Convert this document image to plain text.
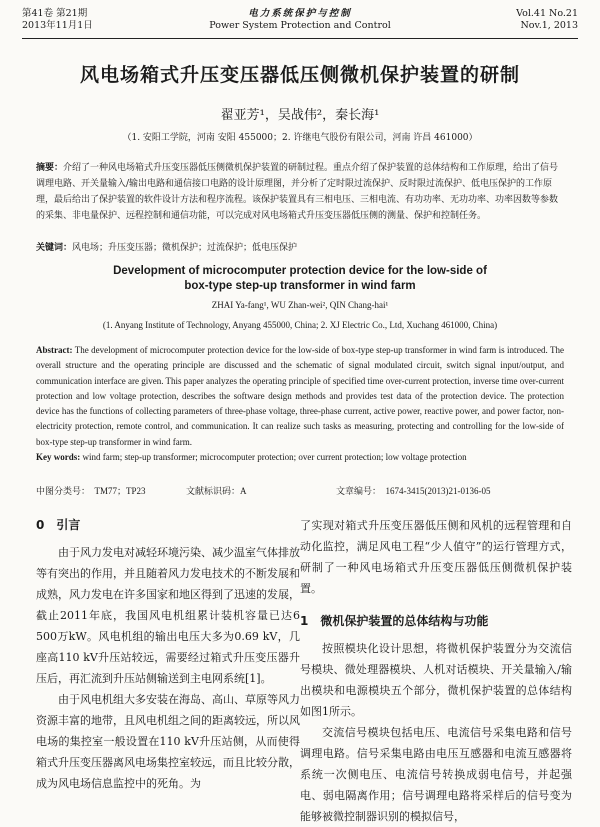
第41卷 第21期
2013年11月1日
电力系统保护与控制
Power System Protection and Control
Vol.41 No.21
Nov.1, 2013
风电场箱式升压变压器低压侧微机保护装置的研制
翟亚芳¹，吴战伟²，秦长海¹
（1. 安阳工学院，河南 安阳 455000；2. 许继电气股份有限公司，河南 许昌 461000）
摘要：介绍了一种风电场箱式升压变压器低压侧微机保护装置的研制过程。重点介绍了保护装置的总体结构和工作原理，给出了信号调理电路、开关量输入/输出电路和通信接口电路的设计原理图，并分析了定时限过流保护、反时限过流保护、低电压保护的工作原理，最后给出了保护装置的软件设计方法和程序流程。该保护装置具有三相电压、三相电流、有功功率、无功功率、功率因数等参数的采集、非电量保护、远程控制和通信功能，可以完成对风电场箱式升压变压器低压侧的测量、保护和控制任务。
关键词：风电场；升压变压器；微机保护；过流保护；低电压保护
Development of microcomputer protection device for the low-side of
box-type step-up transformer in wind farm
ZHAI Ya-fang¹, WU Zhan-wei², QIN Chang-hai¹
(1. Anyang Institute of Technology, Anyang 455000, China; 2. XJ Electric Co., Ltd, Xuchang 461000, China)
Abstract: The development of microcomputer protection device for the low-side of box-type step-up transformer in wind farm is introduced. The overall structure and the operating principle are discussed and the schematic of signal modulated circuit, switch signal input/output, and communication interface are given. This paper analyzes the operating principle of specified time over-current protection, inverse time over-current protection and low voltage protection, describes the software design methods and provides test data of the protection device. The protection device has the functions of collecting parameters of three-phase voltage, three-phase current, active power, reactive power, and power factor, non-electricity protection, remote control, and communication. It can realize such tasks as measuring, protecting and controlling for the low-side of box-type step-up transformer in wind farm.
Key words: wind farm; step-up transformer; microcomputer protection; over current protection; low voltage protection
中图分类号：　TM77；TP23	文献标识码：A	文章编号：　1674-3415(2013)21-0136-05
0　引言

由于风力发电对减轻环境污染、减少温室气体排放等有突出的作用，并且随着风力发电技术的不断发展和成熟，风力发电在许多国家和地区得到了迅速的发展，截止2011年底，我国风电机组累计装机容量已达6 500万kW。风电机组的输出电压大多为0.69 kV，几座高110 kV升压站较远，需要经过箱式升压变压器升压后，再汇流到升压站侧输送到主电网系统[1]。

由于风电机组大多安装在海岛、高山、草原等风力资源丰富的地带，且风电机组之间的距离较远，所以风电场的集控室一般设置在110 kV升压站侧，从而使得箱式升压变压器离风电场集控室较远，而且比较分散，成为风电场信息监控中的死角。为

了实现对箱式升压变压器低压侧和风机的远程管理和自动化监控，满足风电工程“少人值守”的运行管理方式，研制了一种风电场箱式升压变压器低压侧微机保护装置。

1　微机保护装置的总体结构与功能

按照模块化设计思想，将微机保护装置分为交流信号模块、微处理器模块、人机对话模块、开关量输入/输出模块和电源模块五个部分，微机保护装置的总体结构如图1所示。

交流信号模块包括电压、电流信号采集电路和信号调理电路。信号采集电路由电压互感器和电流互感器将系统一次侧电压、电流信号转换成弱电信号，并起强电、弱电隔离作用；信号调理电路将采样后的信号变为能够被微控制器识别的模拟信号，
